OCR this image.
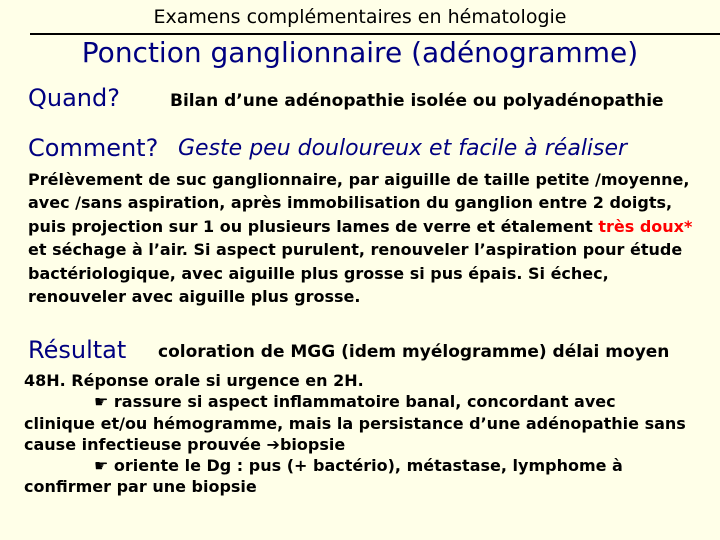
Examens complémentaires en hématologie
Ponction ganglionnaire (adénogramme)
Quand?	Bilan d’une adénopathie isolée ou polyadénopathie
Comment? Geste peu douloureux et facile à réaliser
Prélèvement de suc ganglionnaire, par aiguille de taille petite /moyenne, avec /sans aspiration, après immobilisation du ganglion entre 2 doigts, puis projection sur 1 ou plusieurs lames de verre et étalement très doux* et séchage à l’air. Si aspect purulent, renouveler l’aspiration pour étude bactériologique, avec aiguille plus grosse si pus épais. Si échec, renouveler avec aiguille plus grosse.
Résultat coloration de MGG (idem myélogramme) délai moyen
48H. Réponse orale si urgence en 2H.
☛ rassure si aspect inflammatoire banal, concordant avec clinique et/ou hémogramme, mais la persistance d’une adénopathie sans cause infectieuse prouvée ➔biopsie
☛ oriente le Dg : pus (+ bactério), métastase, lymphome à confirmer par une biopsie
